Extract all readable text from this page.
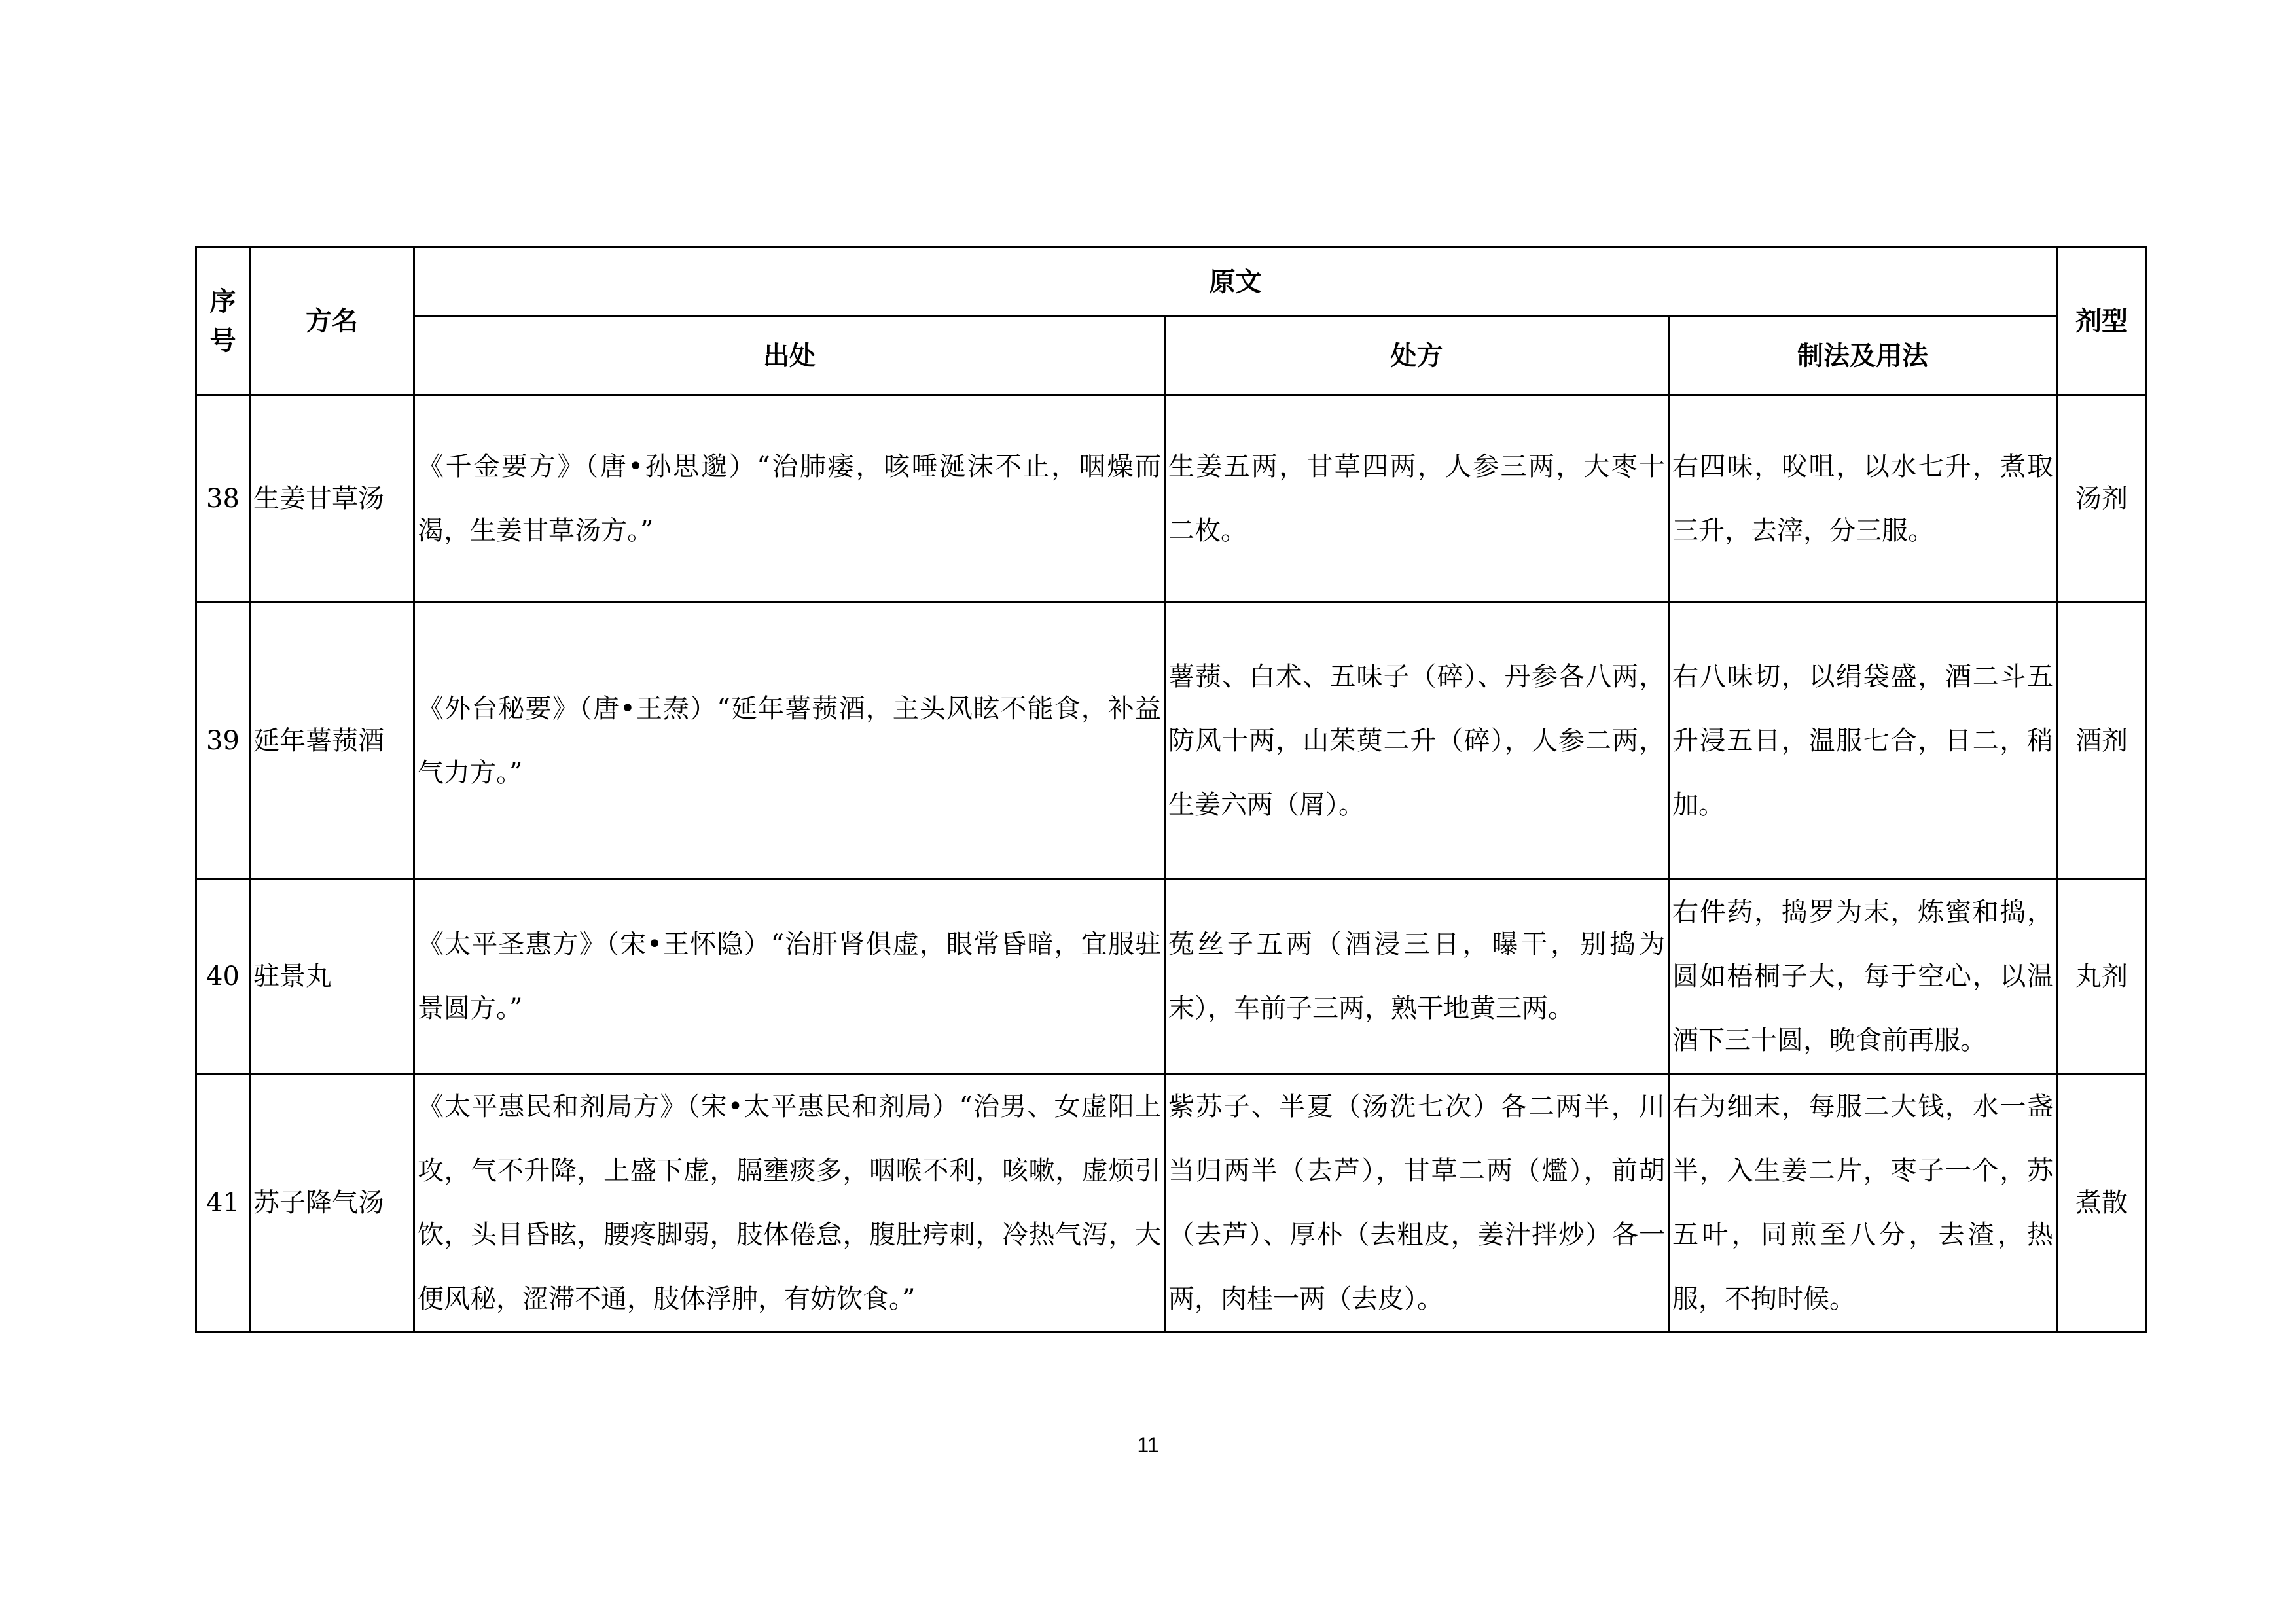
序
号	方名	原文			剂型
		出处	处方	制法及用法	
38	生姜甘草汤	《千金要方》（唐•孙思邈）“治肺痿，咳唾涎沫不止，咽燥而渴，生姜甘草汤方。”	生姜五两，甘草四两，人参三两，大枣十二枚。	右四味，㕮咀，以水七升，煮取三升，去滓，分三服。	汤剂
39	延年薯蓣酒	《外台秘要》（唐•王焘）“延年薯蓣酒，主头风眩不能食，补益气力方。”	薯蓣、白术、五味子（碎）、丹参各八两，防风十两，山茱萸二升（碎），人参二两，生姜六两（屑）。	右八味切，以绢袋盛，酒二斗五升浸五日，温服七合，日二，稍加。	酒剂
40	驻景丸	《太平圣惠方》（宋•王怀隐）“治肝肾俱虚，眼常昏暗，宜服驻景圆方。”	菟丝子五两（酒浸三日，曝干，别捣为末），车前子三两，熟干地黄三两。	右件药，捣罗为末，炼蜜和捣，圆如梧桐子大，每于空心，以温酒下三十圆，晚食前再服。	丸剂
41	苏子降气汤	《太平惠民和剂局方》（宋•太平惠民和剂局）“治男、女虚阳上攻，气不升降，上盛下虚，膈壅痰多，咽喉不利，咳嗽，虚烦引饮，头目昏眩，腰疼脚弱，肢体倦怠，腹肚疞刺，冷热气泻，大便风秘，涩滞不通，肢体浮肿，有妨饮食。”	紫苏子、半夏（汤洗七次）各二两半，川当归两半（去芦），甘草二两（爁），前胡（去芦）、厚朴（去粗皮，姜汁拌炒）各一两，肉桂一两（去皮）。	右为细末，每服二大钱，水一盏半，入生姜二片，枣子一个，苏五叶，同煎至八分，去渣，热服，不拘时候。	煮散
11
